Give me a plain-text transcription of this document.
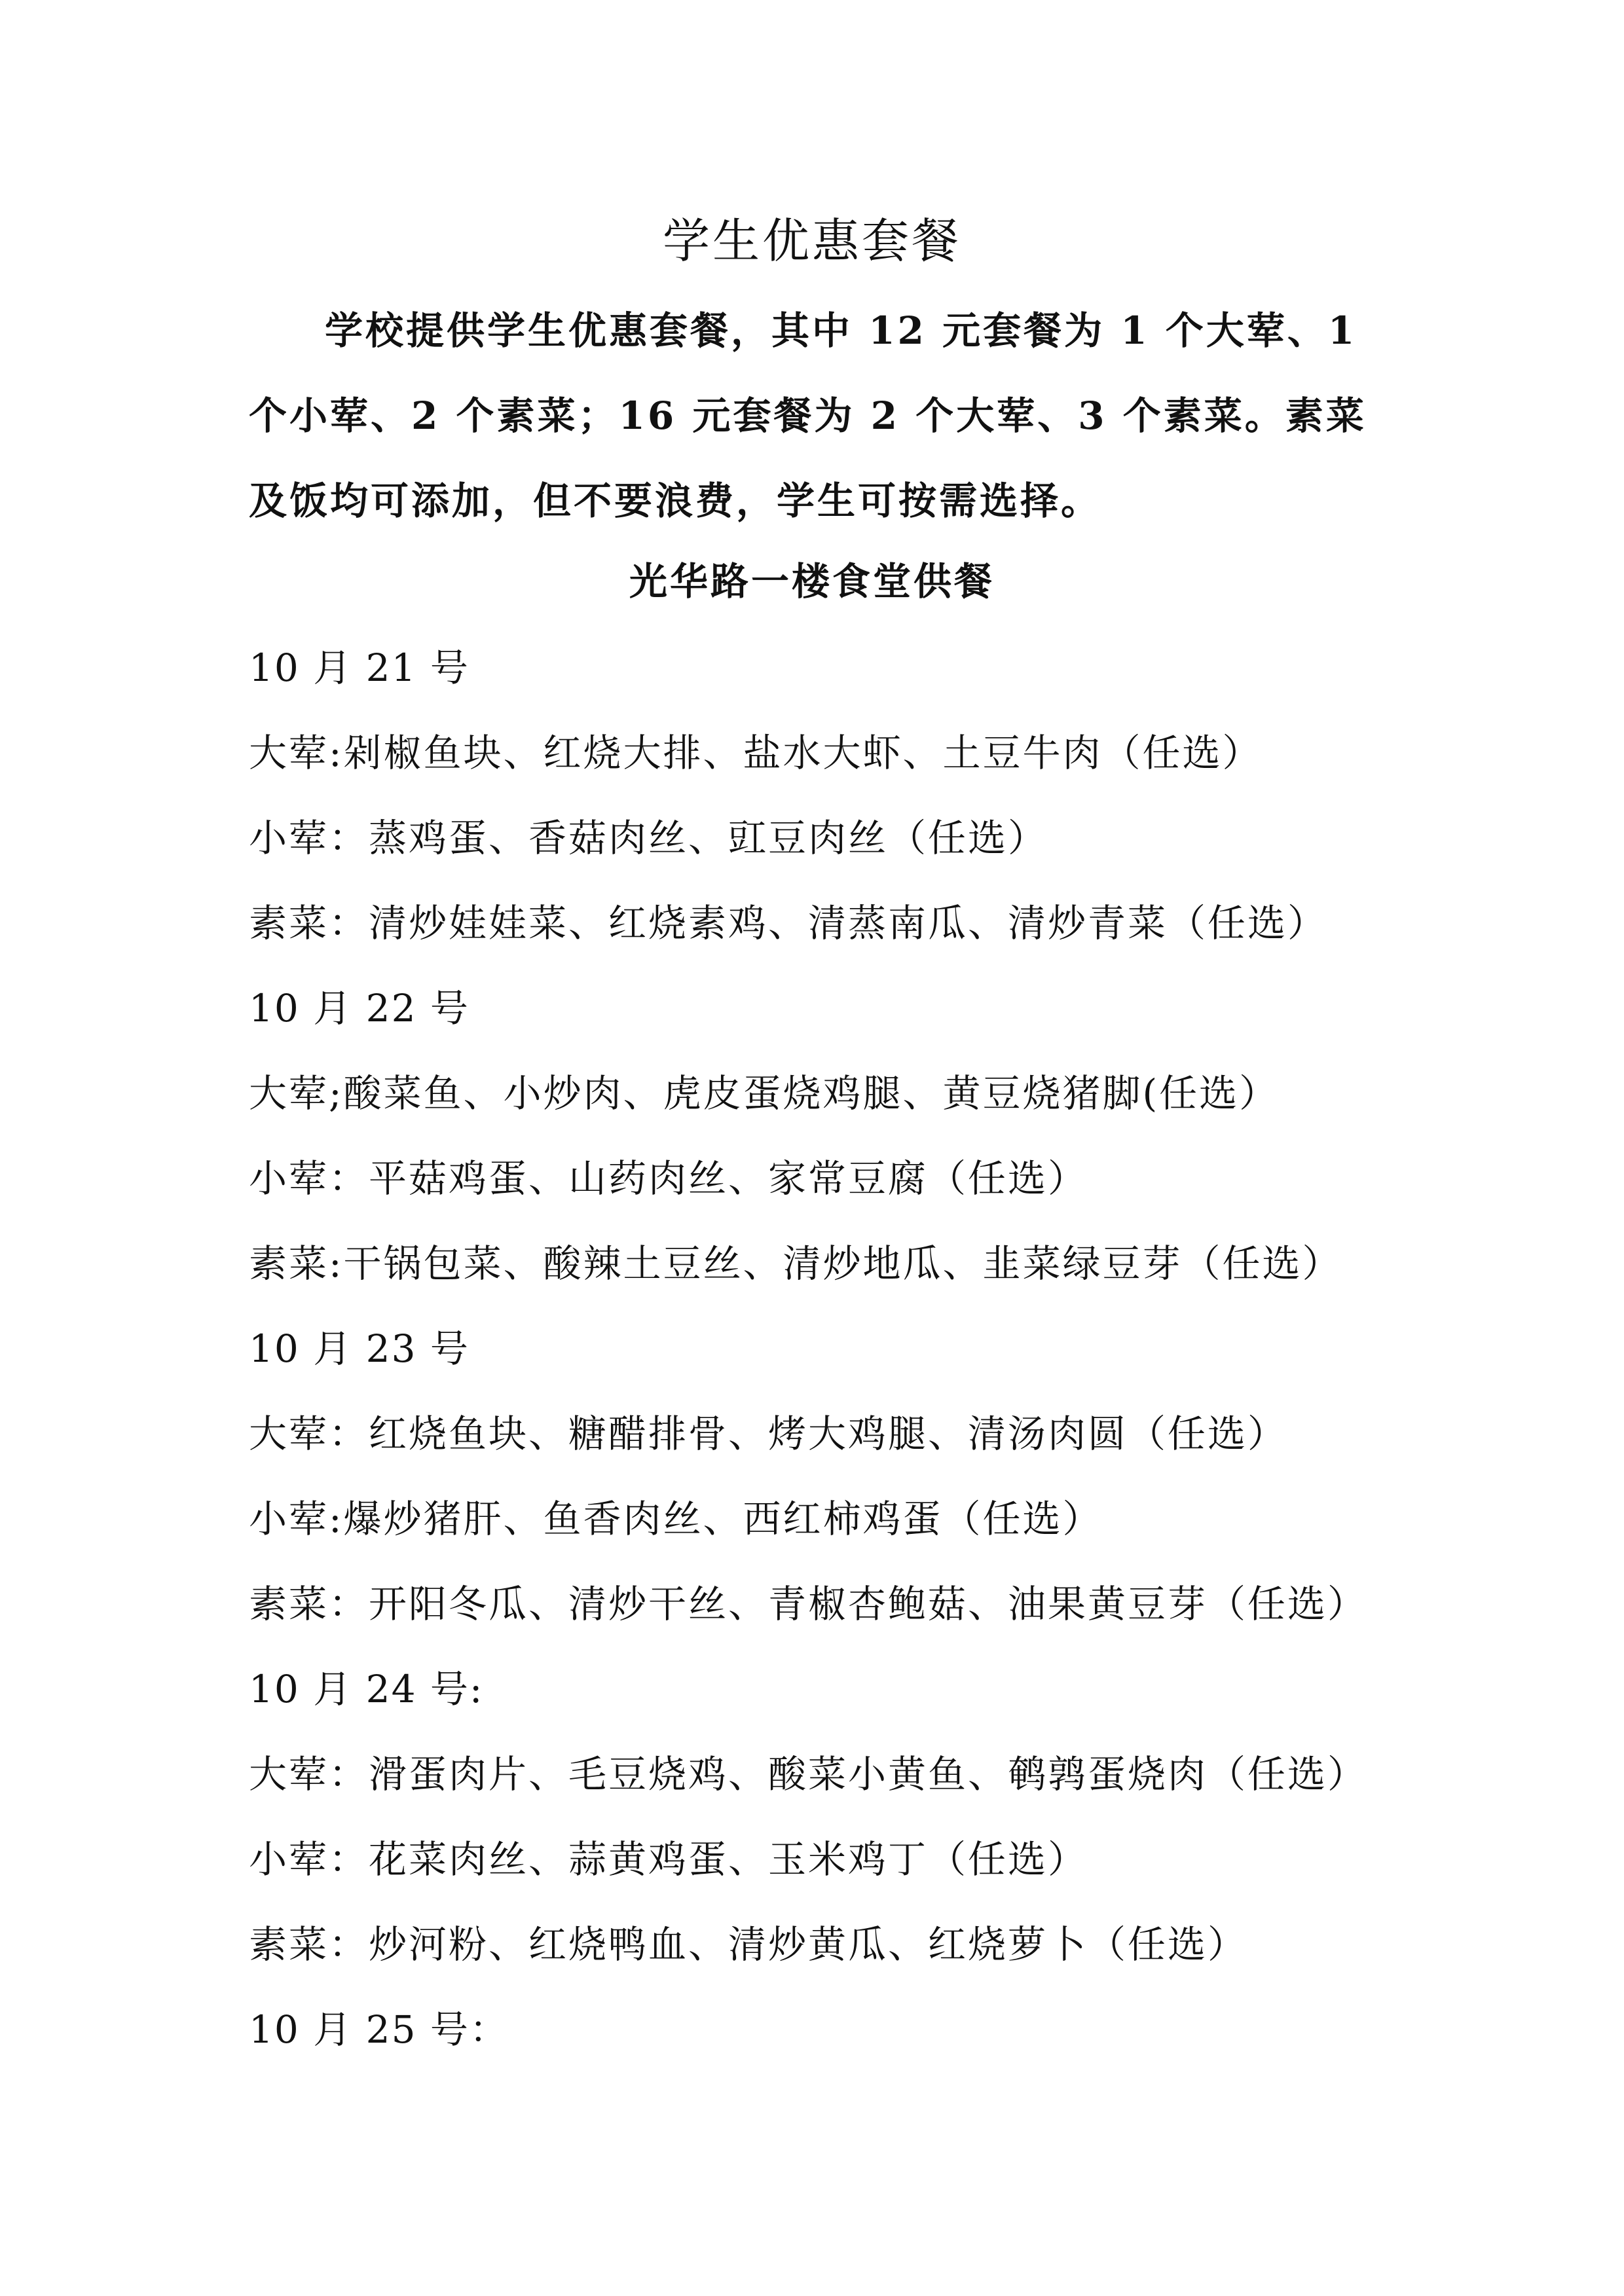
学生优惠套餐
学校提供学生优惠套餐，其中 12 元套餐为 1 个大荤、1 个小荤、2 个素菜；16 元套餐为 2 个大荤、3 个素菜。素菜及饭均可添加，但不要浪费，学生可按需选择。
光华路一楼食堂供餐
10 月 21 号
大荤:剁椒鱼块、红烧大排、盐水大虾、土豆牛肉（任选）
小荤：蒸鸡蛋、香菇肉丝、豇豆肉丝（任选）
素菜：清炒娃娃菜、红烧素鸡、清蒸南瓜、清炒青菜（任选）
10 月 22 号
大荤;酸菜鱼、小炒肉、虎皮蛋烧鸡腿、黄豆烧猪脚(任选）
小荤：平菇鸡蛋、山药肉丝、家常豆腐（任选）
素菜:干锅包菜、酸辣土豆丝、清炒地瓜、韭菜绿豆芽（任选）
10 月 23 号
大荤：红烧鱼块、糖醋排骨、烤大鸡腿、清汤肉圆（任选）
小荤:爆炒猪肝、鱼香肉丝、西红柿鸡蛋（任选）
素菜：开阳冬瓜、清炒干丝、青椒杏鲍菇、油果黄豆芽（任选）
10 月 24 号:
大荤：滑蛋肉片、毛豆烧鸡、酸菜小黄鱼、鹌鹑蛋烧肉（任选）
小荤：花菜肉丝、蒜黄鸡蛋、玉米鸡丁（任选）
素菜：炒河粉、红烧鸭血、清炒黄瓜、红烧萝卜（任选）
10 月 25 号：
